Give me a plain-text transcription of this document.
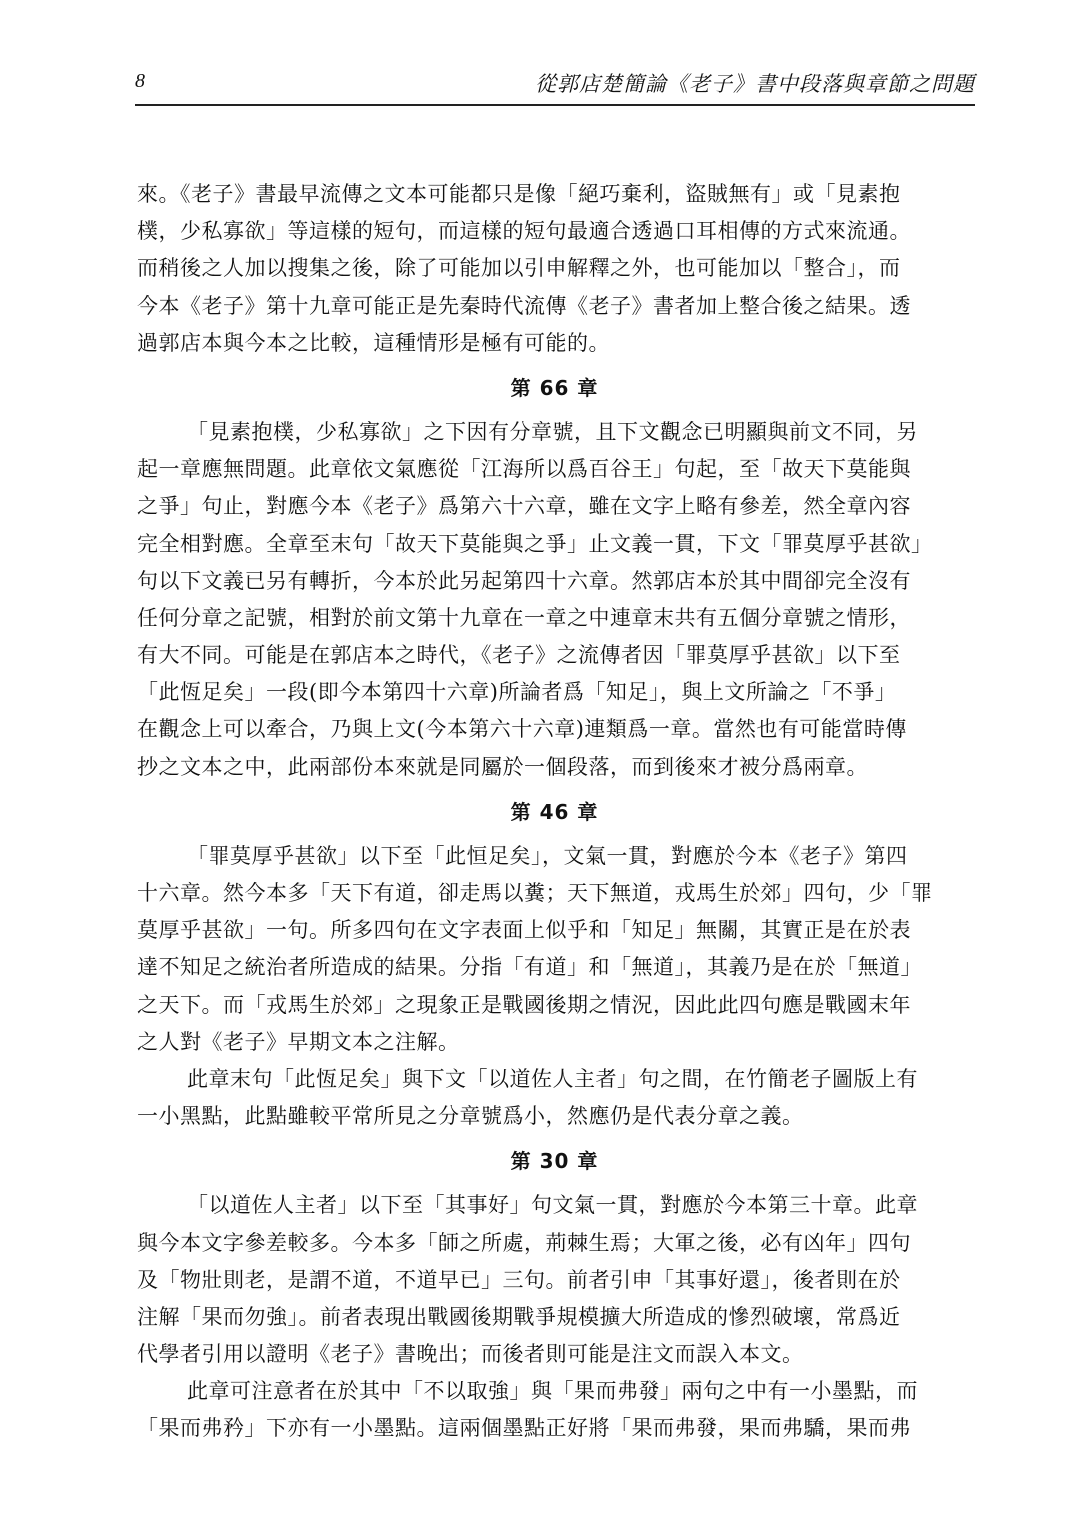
8	從郭店楚簡論《老子》書中段落與章節之問題
來。《老子》書最早流傳之文本可能都只是像「絕巧棄利，盜賊無有」或「見素抱
樸，少私寡欲」等這樣的短句，而這樣的短句最適合透過口耳相傳的方式來流通。
而稍後之人加以搜集之後，除了可能加以引申解釋之外，也可能加以「整合」，而
今本《老子》第十九章可能正是先秦時代流傳《老子》書者加上整合後之結果。透
過郭店本與今本之比較，這種情形是極有可能的。
第 66 章
「見素抱樸，少私寡欲」之下因有分章號，且下文觀念已明顯與前文不同，另
起一章應無問題。此章依文氣應從「江海所以爲百谷王」句起，至「故天下莫能與
之爭」句止，對應今本《老子》爲第六十六章，雖在文字上略有參差，然全章內容
完全相對應。全章至末句「故天下莫能與之爭」止文義一貫，下文「罪莫厚乎甚欲」
句以下文義已另有轉折，今本於此另起第四十六章。然郭店本於其中間卻完全沒有
任何分章之記號，相對於前文第十九章在一章之中連章末共有五個分章號之情形，
有大不同。可能是在郭店本之時代，《老子》之流傳者因「罪莫厚乎甚欲」以下至
「此恆足矣」一段(即今本第四十六章)所論者爲「知足」，與上文所論之「不爭」
在觀念上可以牽合，乃與上文(今本第六十六章)連類爲一章。當然也有可能當時傳
抄之文本之中，此兩部份本來就是同屬於一個段落，而到後來才被分爲兩章。
第 46 章
「罪莫厚乎甚欲」以下至「此恒足矣」，文氣一貫，對應於今本《老子》第四
十六章。然今本多「天下有道，卻走馬以糞；天下無道，戎馬生於郊」四句，少「罪
莫厚乎甚欲」一句。所多四句在文字表面上似乎和「知足」無關，其實正是在於表
達不知足之統治者所造成的結果。分指「有道」和「無道」，其義乃是在於「無道」
之天下。而「戎馬生於郊」之現象正是戰國後期之情況，因此此四句應是戰國末年
之人對《老子》早期文本之注解。
此章末句「此恆足矣」與下文「以道佐人主者」句之間，在竹簡老子圖版上有
一小黑點，此點雖較平常所見之分章號爲小，然應仍是代表分章之義。
第 30 章
「以道佐人主者」以下至「其事好」句文氣一貫，對應於今本第三十章。此章
與今本文字參差較多。今本多「師之所處，荊棘生焉；大軍之後，必有凶年」四句
及「物壯則老，是謂不道，不道早已」三句。前者引申「其事好還」，後者則在於
注解「果而勿強」。前者表現出戰國後期戰爭規模擴大所造成的慘烈破壞，常爲近
代學者引用以證明《老子》書晚出；而後者則可能是注文而誤入本文。
此章可注意者在於其中「不以取強」與「果而弗發」兩句之中有一小墨點，而
「果而弗矜」下亦有一小墨點。這兩個墨點正好將「果而弗發，果而弗驕，果而弗
